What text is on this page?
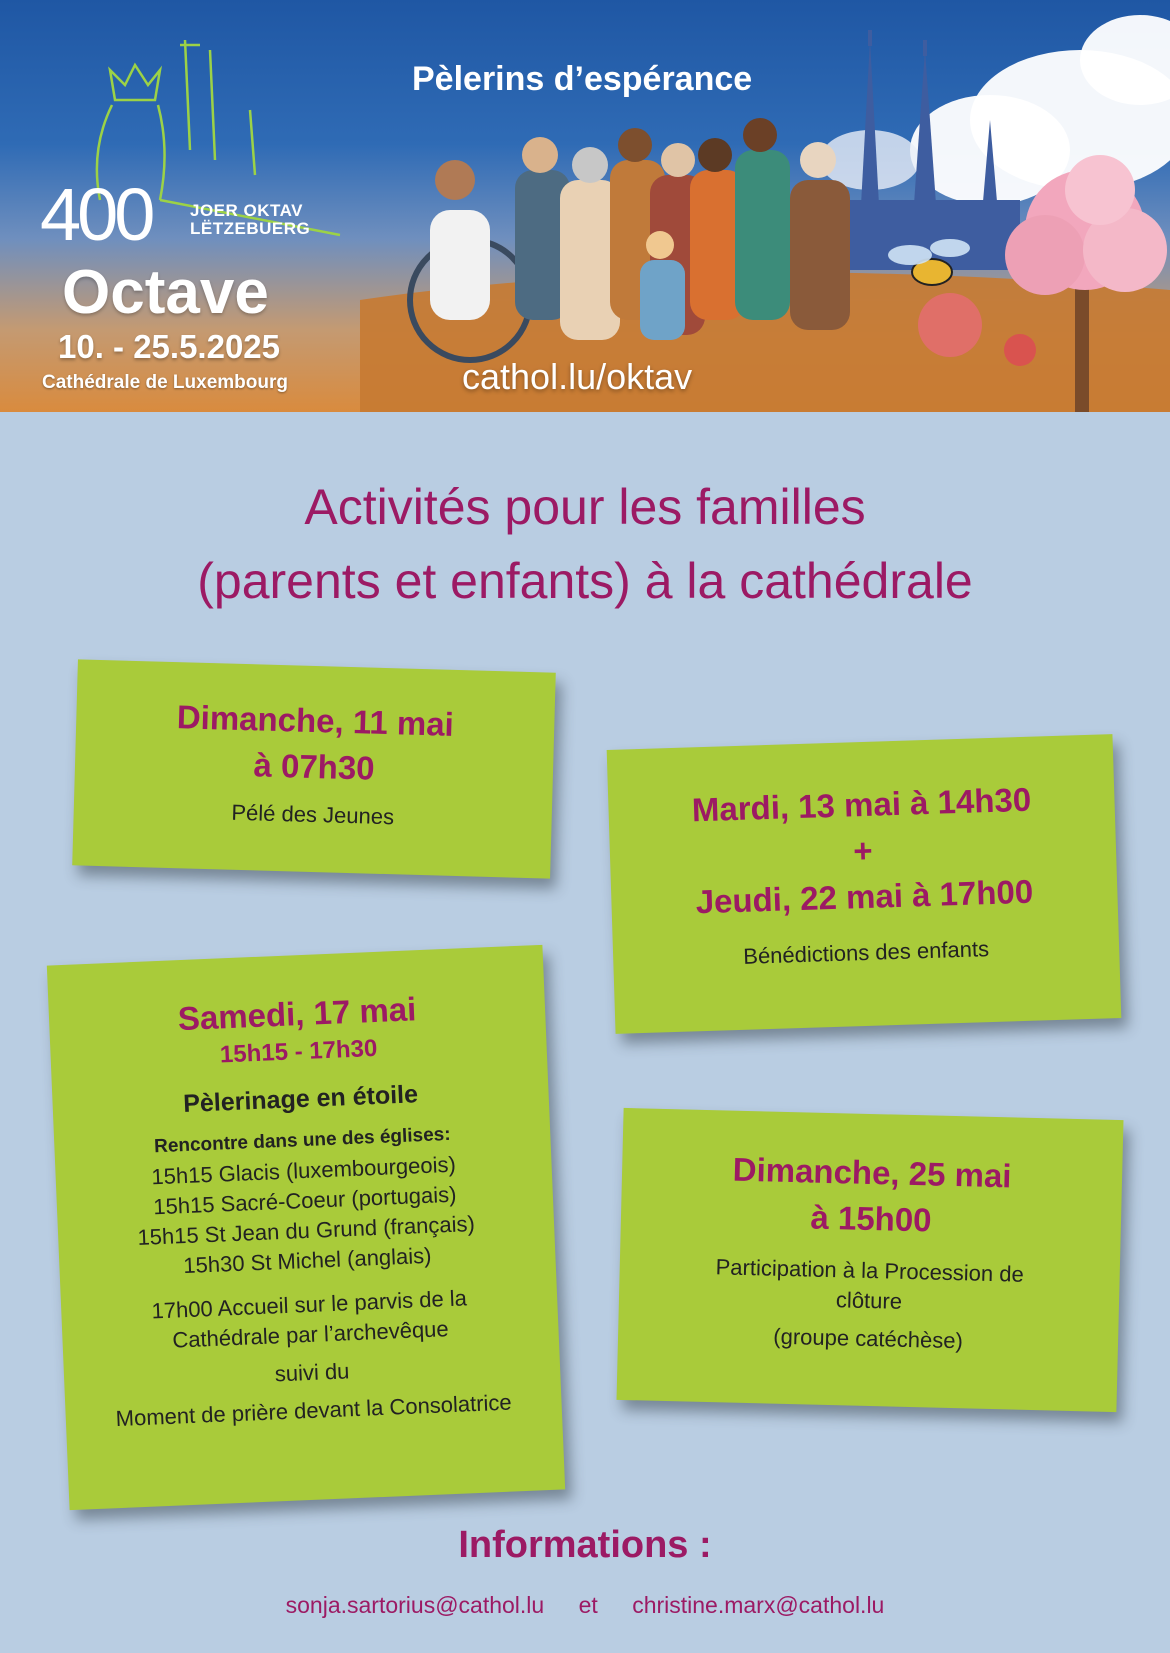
400 JOER OKTAV
LËTZEBUERG
Octave
10. - 25.5.2025
Cathédrale de Luxembourg
Pèlerins d’espérance
cathol.lu/oktav
Activités pour les familles
(parents et enfants) à la cathédrale
Dimanche, 11 mai
à 07h30
Pélé des Jeunes	Mardi, 13 mai à 14h30
+
Jeudi, 22 mai à 17h00
Bénédictions des enfants
Samedi, 17 mai
15h15 - 17h30
Pèlerinage en étoile
Rencontre dans une des églises:
15h15 Glacis (luxembourgeois)
15h15 Sacré-Coeur (portugais)
15h15 St Jean du Grund (français)
15h30 St Michel (anglais)
17h00 Accueil sur le parvis de la
Cathédrale par l’archevêque
suivi du
Moment de prière devant la Consolatrice
Dimanche, 25 mai
à 15h00
Participation à la Procession de
clôture
(groupe catéchèse)
Informations :
sonja.sartorius@cathol.lu et christine.marx@cathol.lu
